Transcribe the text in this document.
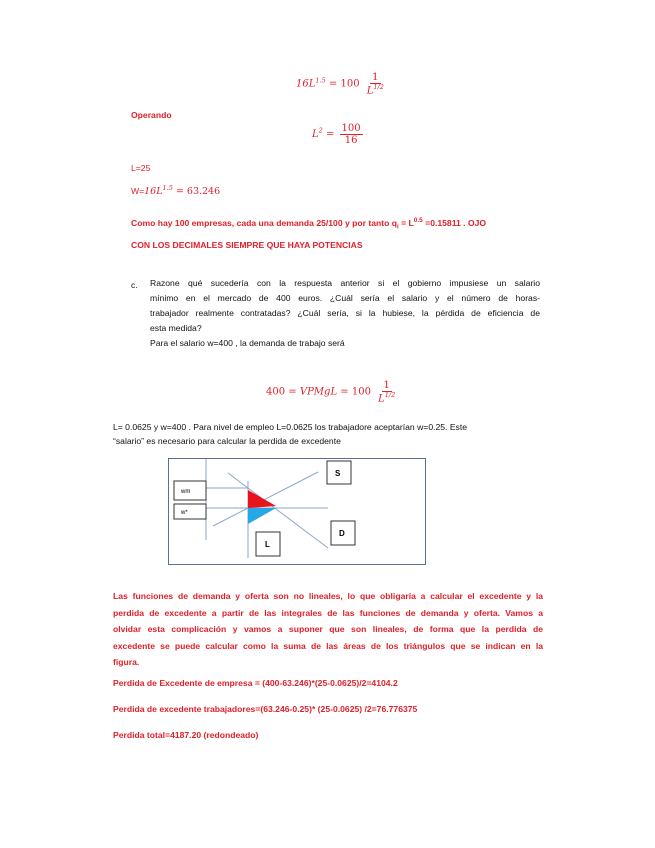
$16L^{1.5} = 100 \frac{1}{L^{1/2}}$
Operando
$L^2 = \frac{100}{16}$
L=25
$W=16L^{1.5} = 63.246$
Como hay 100 empresas, cada una demanda 25/100 y por tanto $q_i = L^{0.5} =0.15811$ . OJO
CON LOS DECIMALES SIEMPRE QUE HAYA POTENCIAS
c. Razone qué sucedería con la respuesta anterior si el gobierno impusiese un salario
mínimo en el mercado de 400 euros. ¿Cuál sería el salario y el número de horas-
trabajador realmente contratadas? ¿Cuál sería, si la hubiese, la pérdida de eficiencia de
esta medida?
Para el salario w=400 , la demanda de trabajo será
400 = VPMgL = $100 \frac{1}{L^{1/2}}$
L= 0.0625 y w=400 . Para nivel de empleo L=0.0625 los trabajadore aceptarían w=0.25. Este
“salario” es necesario para calcular la perdida de excedente
wm
w*
S
D
L
Las funciones de demanda y oferta son no lineales, lo que obligaría a calcular el excedente y la
perdida de excedente a partir de las integrales de las funciones de demanda y oferta. Vamos a
olvidar esta complicación y vamos a suponer que son lineales, de forma que la perdida de
excedente se puede calcular como la suma de las áreas de los triángulos que se indican en la
figura.
Perdida de Excedente de empresa = (400-63.246)*(25-0.0625)/2=4104.2
Perdida de excedente trabajadores=(63.246-0.25)* (25-0.0625) /2=76.776375
Perdida total=4187.20 (redondeado)
